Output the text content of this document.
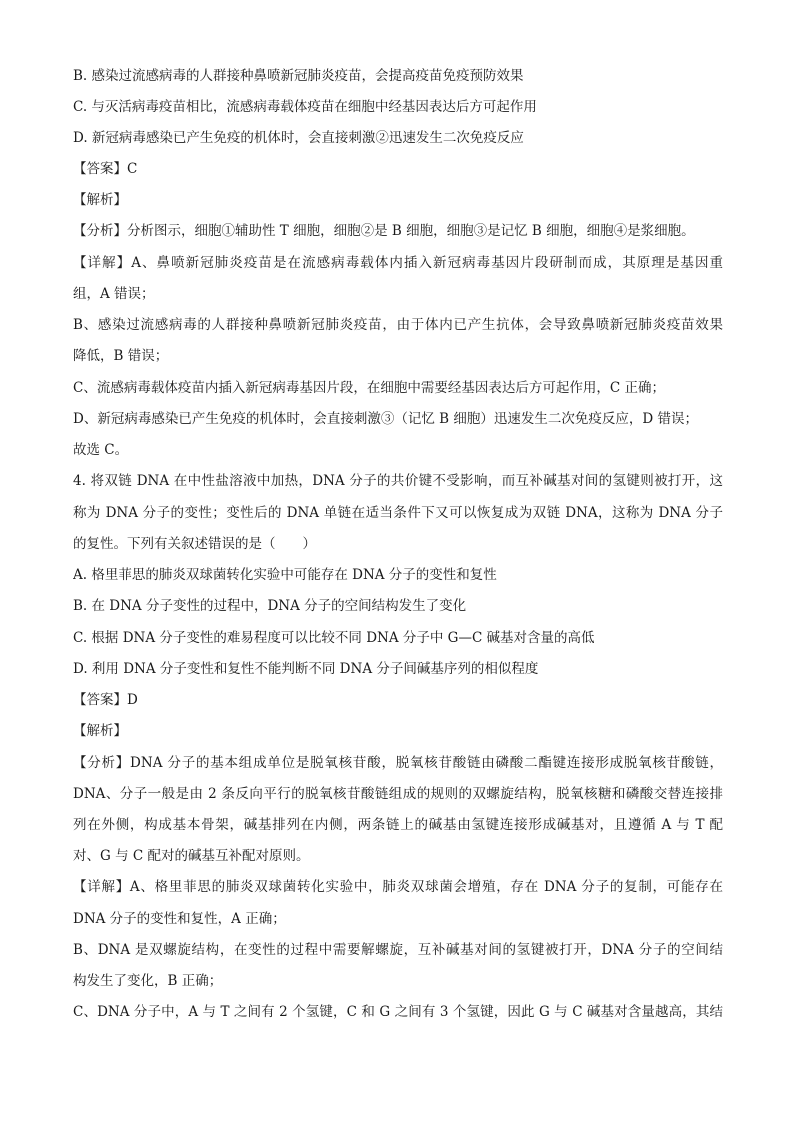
B. 感染过流感病毒的人群接种鼻喷新冠肺炎疫苗，会提高疫苗免疫预防效果
C. 与灭活病毒疫苗相比，流感病毒载体疫苗在细胞中经基因表达后方可起作用
D. 新冠病毒感染已产生免疫的机体时，会直接刺激②迅速发生二次免疫反应
【答案】C
【解析】
【分析】分析图示，细胞①辅助性 T 细胞，细胞②是 B 细胞，细胞③是记忆 B 细胞，细胞④是浆细胞。
【详解】A、鼻喷新冠肺炎疫苗是在流感病毒载体内插入新冠病毒基因片段研制而成，其原理是基因重
组，A 错误；
B、感染过流感病毒的人群接种鼻喷新冠肺炎疫苗，由于体内已产生抗体，会导致鼻喷新冠肺炎疫苗效果
降低，B 错误；
C、流感病毒载体疫苗内插入新冠病毒基因片段，在细胞中需要经基因表达后方可起作用，C 正确；
D、新冠病毒感染已产生免疫的机体时，会直接刺激③（记忆 B 细胞）迅速发生二次免疫反应，D 错误；
故选 C。
4. 将双链 DNA 在中性盐溶液中加热，DNA 分子的共价键不受影响，而互补碱基对间的氢键则被打开，这
称为 DNA 分子的变性；变性后的 DNA 单链在适当条件下又可以恢复成为双链 DNA，这称为 DNA 分子
的复性。下列有关叙述错误的是（　　）
A. 格里菲思的肺炎双球菌转化实验中可能存在 DNA 分子的变性和复性
B. 在 DNA 分子变性的过程中，DNA 分子的空间结构发生了变化
C. 根据 DNA 分子变性的难易程度可以比较不同 DNA 分子中 G—C 碱基对含量的高低
D. 利用 DNA 分子变性和复性不能判断不同 DNA 分子间碱基序列的相似程度
【答案】D
【解析】
【分析】DNA 分子的基本组成单位是脱氧核苷酸，脱氧核苷酸链由磷酸二酯键连接形成脱氧核苷酸链，
DNA、分子一般是由 2 条反向平行的脱氧核苷酸链组成的规则的双螺旋结构，脱氧核糖和磷酸交替连接排
列在外侧，构成基本骨架，碱基排列在内侧，两条链上的碱基由氢键连接形成碱基对，且遵循 A 与 T 配
对、G 与 C 配对的碱基互补配对原则。
【详解】A、格里菲思的肺炎双球菌转化实验中，肺炎双球菌会增殖，存在 DNA 分子的复制，可能存在
DNA 分子的变性和复性，A 正确；
B、DNA 是双螺旋结构，在变性的过程中需要解螺旋，互补碱基对间的氢键被打开，DNA 分子的空间结
构发生了变化，B 正确；
C、DNA 分子中，A 与 T 之间有 2 个氢键，C 和 G 之间有 3 个氢键，因此 G 与 C 碱基对含量越高，其结
